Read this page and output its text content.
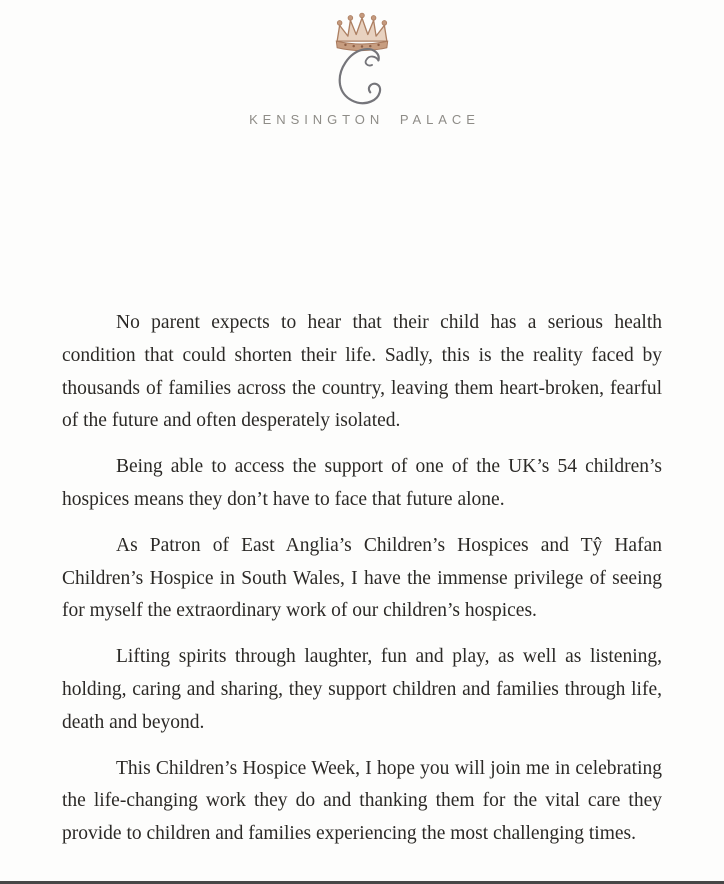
KENSINGTON PALACE

No parent expects to hear that their child has a serious health condition that could shorten their life. Sadly, this is the reality faced by thousands of families across the country, leaving them heart-broken, fearful of the future and often desperately isolated.

Being able to access the support of one of the UK’s 54 children’s hospices means they don’t have to face that future alone.

As Patron of East Anglia’s Children’s Hospices and Tŷ Hafan Children’s Hospice in South Wales, I have the immense privilege of seeing for myself the extraordinary work of our children’s hospices.

Lifting spirits through laughter, fun and play, as well as listening, holding, caring and sharing, they support children and families through life, death and beyond.

This Children’s Hospice Week, I hope you will join me in celebrating the life-changing work they do and thanking them for the vital care they provide to children and families experiencing the most challenging times.
